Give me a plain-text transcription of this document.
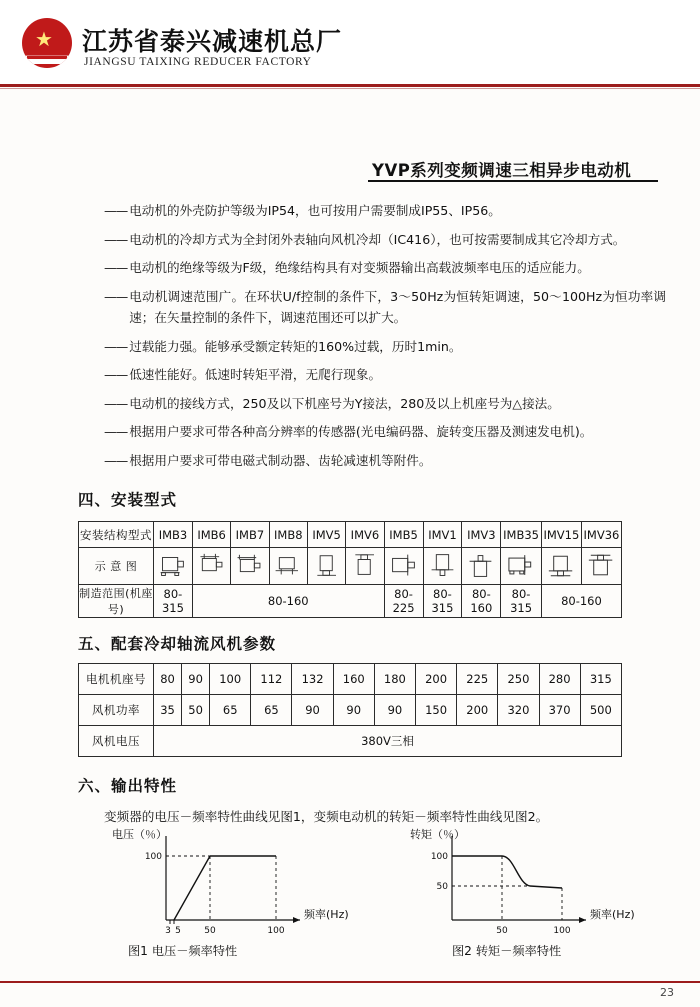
★ 江苏省泰兴减速机总厂
JIANGSU TAIXING REDUCER FACTORY
YVP系列变频调速三相异步电动机
—— 电动机的外壳防护等级为IP54，也可按用户需要制成IP55、IP56。
—— 电动机的冷却方式为全封闭外表轴向风机冷却（IC416），也可按需要制成其它冷却方式。
—— 电动机的绝缘等级为F级，绝缘结构具有对变频器输出高载波频率电压的适应能力。
—— 电动机调速范围广。在环状U/f控制的条件下，3～50Hz为恒转矩调速，50～100Hz为恒功率调速；在矢量控制的条件下，调速范围还可以扩大。
—— 过载能力强。能够承受额定转矩的160%过载，历时1min。
—— 低速性能好。低速时转矩平滑，无爬行现象。
—— 电动机的接线方式，250及以下机座号为Y接法，280及以上机座号为△接法。
—— 根据用户要求可带各种高分辨率的传感器(光电编码器、旋转变压器及测速发电机)。
—— 根据用户要求可带电磁式制动器、齿轮减速机等附件。
四、安装型式
安装结构型式	IMB3	IMB6	IMB7	IMB8	IMV5	IMV6	IMB5	IMV1	IMV3	IMB35	IMV15	IMV36
示 意 图	

制造范围(机座号)	80-315	80-160					80-225	80-315	80-160	80-315	80-160	
五、配套冷却轴流风机参数
电机机座号	80	90	100	112	132	160	180	200	225	250	280	315
风机功率	35	50	65	65	90	90	90	150	200	320	370	500
风机电压	380V三相											
六、输出特性
变频器的电压－频率特性曲线见图1，变频电动机的转矩－频率特性曲线见图2。
100
3 5	50	100
电压（％）
频率(Hz)
图1 电压－频率特性
100
50
50	100
转矩（％）
频率(Hz)
图2 转矩－频率特性
23
